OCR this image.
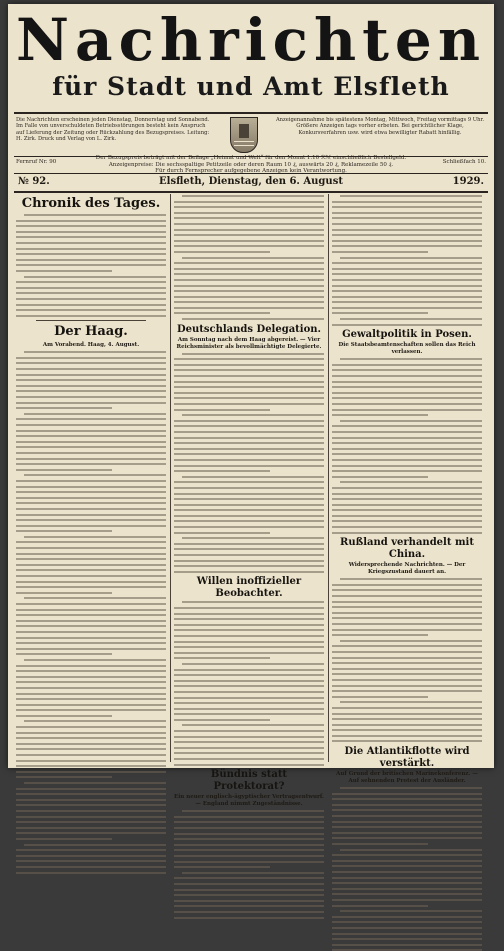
Nachrichten
für Stadt und Amt Elsfleth
Die Nachrichten erscheinen jeden Dienstag, Donnerstag und Sonnabend. Im Falle von unverschuldeten Betriebsstörungen besteht kein Anspruch auf Lieferung der Zeitung oder Rückzahlung des Bezugspreises. Leitung: H. Zirk. Druck und Verlag von L. Zirk.
Anzeigenannahme bis spätestens Montag, Mittwoch, Freitag vormittags 9 Uhr. Größere Anzeigen tags vorher erbeten. Bei gerichtlicher Klage, Konkursverfahren usw. wird etwa bewilligter Rabatt hinfällig.
Fernruf Nr. 90
Der Bezugspreis beträgt mit der Beilage „Heimat und Welt“ für den Monat 1.10 ℛℳ einschließlich Bestellgeld.
Anzeigenpreise: Die sechsspaltige Petitzeile oder deren Raum 10 ₰, auswärts 20 ₰, Reklamezeile 50 ₰.
Für durch Fernsprecher aufgegebene Anzeigen kein Verantwortung.
Schließfach 10.
№ 92.	Elsfleth, Dienstag, den 6. August	1929.
Chronik des Tages.
Der Haag.
Am Vorabend. Haag, 4. August.
Deutschlands Delegation.
Am Sonntag nach dem Haag abgereist. — Vier Reichsminister als bevollmächtigte Delegierte.
Willen inoffizieller Beobachter.
Bündnis statt Protektorat?
Ein neuer englisch-ägyptischer Vertragsentwurf. — England nimmt Zugeständnisse.
Gewaltpolitik in Posen.
Die Staatsbeamtenschaften sollen das Reich verlassen.
Rußland verhandelt mit China.
Widersprechende Nachrichten. — Der Kriegszustand dauert an.
Die Atlantikflotte wird verstärkt.
Auf Grund der britischen Marinekonferenz. — Auf sehnenden Protest der Ausländer.
